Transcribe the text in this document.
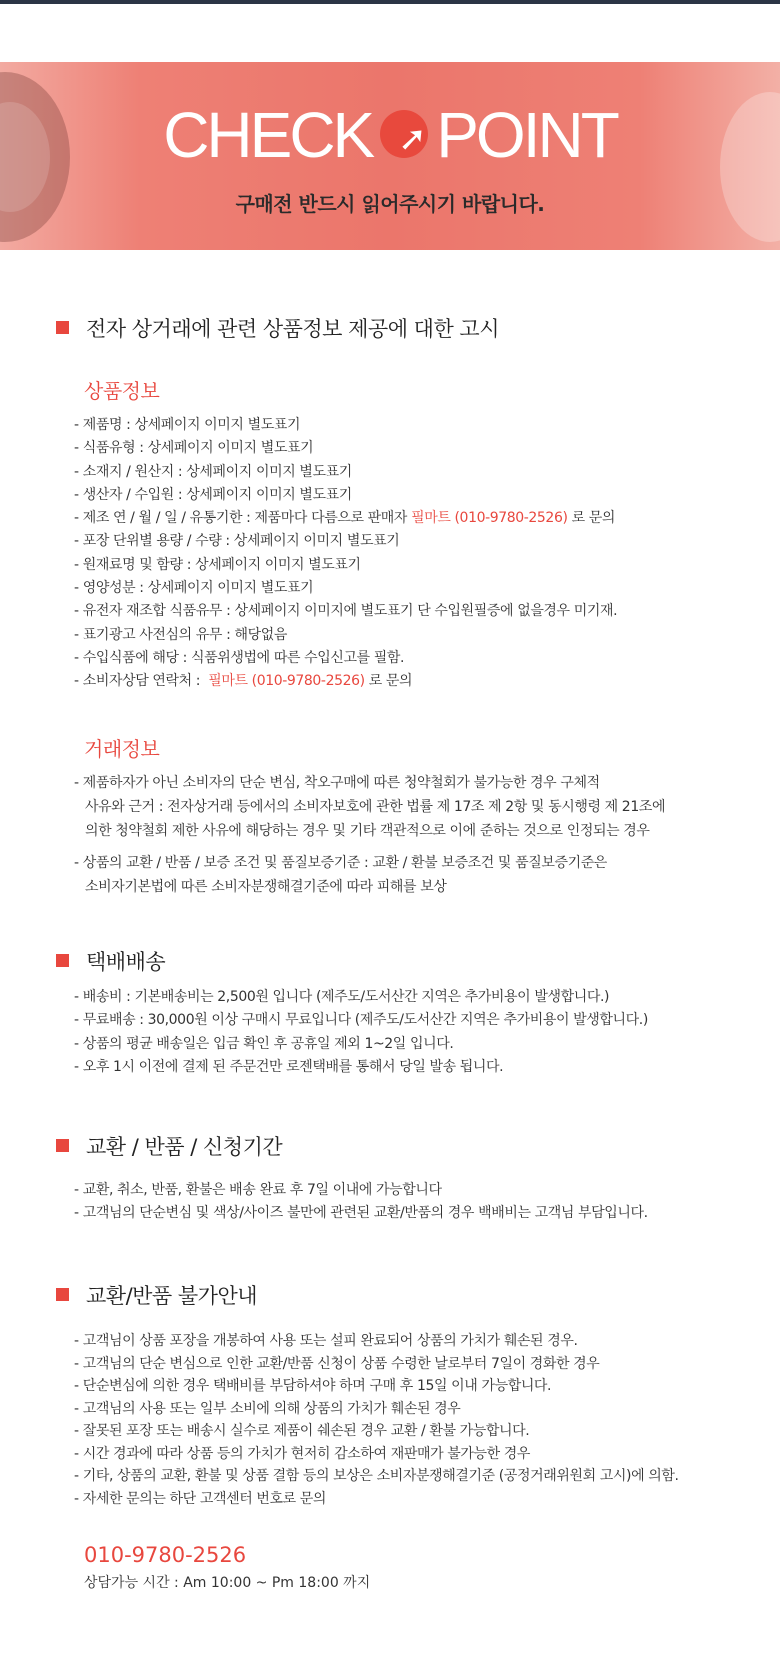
CHECK ➚ POINT
구매전 반드시 읽어주시기 바랍니다.
전자 상거래에 관련 상품정보 제공에 대한 고시
상품정보
- 제품명 : 상세페이지 이미지 별도표기
- 식품유형 : 상세페이지 이미지 별도표기
- 소재지 / 원산지 : 상세페이지 이미지 별도표기
- 생산자 / 수입원 : 상세페이지 이미지 별도표기
- 제조 연 / 월 / 일 / 유통기한 : 제품마다 다름으로 판매자 필마트 (010-9780-2526) 로 문의
- 포장 단위별 용량 / 수량 : 상세페이지 이미지 별도표기
- 원재료명 및 함량 : 상세페이지 이미지 별도표기
- 영양성분 : 상세페이지 이미지 별도표기
- 유전자 재조합 식품유무 : 상세페이지 이미지에 별도표기 단 수입원필증에 없을경우 미기재.
- 표기광고 사전심의 유무 : 해당없음
- 수입식품에 해당 : 식품위생법에 따른 수입신고를 필함.
- 소비자상담 연락처 : 필마트 (010-9780-2526) 로 문의
거래정보
- 제품하자가 아닌 소비자의 단순 변심, 착오구매에 따른 청약철회가 불가능한 경우 구체적
사유와 근거 : 전자상거래 등에서의 소비자보호에 관한 법률 제 17조 제 2항 및 동시행령 제 21조에
의한 청약철회 제한 사유에 해당하는 경우 및 기타 객관적으로 이에 준하는 것으로 인정되는 경우
- 상품의 교환 / 반품 / 보증 조건 및 품질보증기준 : 교환 / 환불 보증조건 및 품질보증기준은
소비자기본법에 따른 소비자분쟁해결기준에 따라 피해를 보상
택배배송
- 배송비 : 기본배송비는 2,500원 입니다 (제주도/도서산간 지역은 추가비용이 발생합니다.)
- 무료배송 : 30,000원 이상 구매시 무료입니다 (제주도/도서산간 지역은 추가비용이 발생합니다.)
- 상품의 평균 배송일은 입금 확인 후 공휴일 제외 1~2일 입니다.
- 오후 1시 이전에 결제 된 주문건만 로젠택배를 통해서 당일 발송 됩니다.
교환 / 반품 / 신청기간
- 교환, 취소, 반품, 환불은 배송 완료 후 7일 이내에 가능합니다
- 고객님의 단순변심 및 색상/사이즈 불만에 관련된 교환/반품의 경우 백배비는 고객님 부담입니다.
교환/반품 불가안내
- 고객님이 상품 포장을 개봉하여 사용 또는 설피 완료되어 상품의 가치가 훼손된 경우.
- 고객님의 단순 변심으로 인한 교환/반품 신청이 상품 수령한 날로부터 7일이 경화한 경우
- 단순변심에 의한 경우 택배비를 부담하셔야 하며 구매 후 15일 이내 가능합니다.
- 고객님의 사용 또는 일부 소비에 의해 상품의 가치가 훼손된 경우
- 잘못된 포장 또는 배송시 실수로 제품이 쉐손된 경우 교환 / 환불 가능합니다.
- 시간 경과에 따라 상품 등의 가치가 현저히 감소하여 재판매가 불가능한 경우
- 기타, 상품의 교환, 환불 및 상품 결함 등의 보상은 소비자분쟁해결기준 (공정거래위원회 고시)에 의함.
- 자세한 문의는 하단 고객센터 번호로 문의
010-9780-2526
상담가능 시간 : Am 10:00 ~ Pm 18:00 까지
